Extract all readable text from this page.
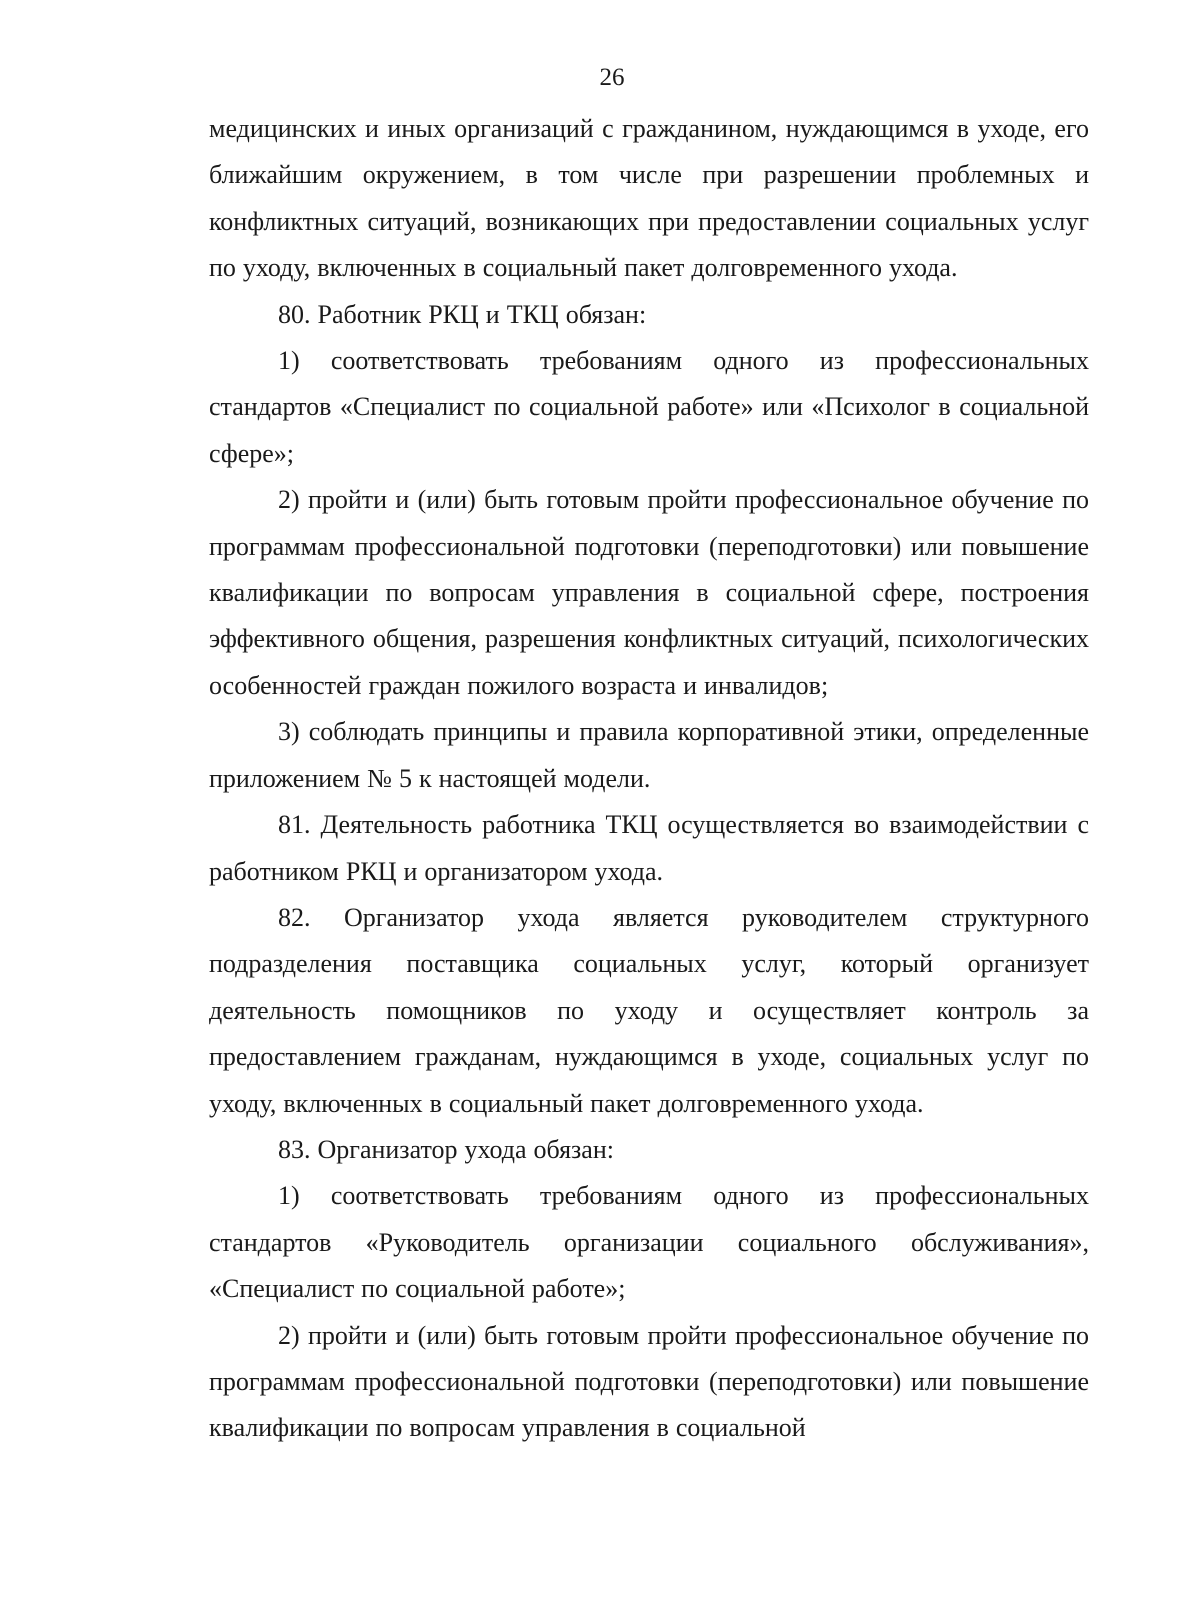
26

медицинских и иных организаций с гражданином, нуждающимся в уходе, его ближайшим окружением, в том числе при разрешении проблемных и конфликтных ситуаций, возникающих при предоставлении социальных услуг по уходу, включенных в социальный пакет долговременного ухода.

80. Работник РКЦ и ТКЦ обязан:

1) соответствовать требованиям одного из профессиональных стандартов «Специалист по социальной работе» или «Психолог в социальной сфере»;

2) пройти и (или) быть готовым пройти профессиональное обучение по программам профессиональной подготовки (переподготовки) или повышение квалификации по вопросам управления в социальной сфере, построения эффективного общения, разрешения конфликтных ситуаций, психологических особенностей граждан пожилого возраста и инвалидов;

3) соблюдать принципы и правила корпоративной этики, определенные приложением № 5 к настоящей модели.

81. Деятельность работника ТКЦ осуществляется во взаимодействии с работником РКЦ и организатором ухода.

82. Организатор ухода является руководителем структурного подразделения поставщика социальных услуг, который организует деятельность помощников по уходу и осуществляет контроль за предоставлением гражданам, нуждающимся в уходе, социальных услуг по уходу, включенных в социальный пакет долговременного ухода.

83. Организатор ухода обязан:

1) соответствовать требованиям одного из профессиональных стандартов «Руководитель организации социального обслуживания», «Специалист по социальной работе»;

2) пройти и (или) быть готовым пройти профессиональное обучение по программам профессиональной подготовки (переподготовки) или повышение квалификации по вопросам управления в социальной
